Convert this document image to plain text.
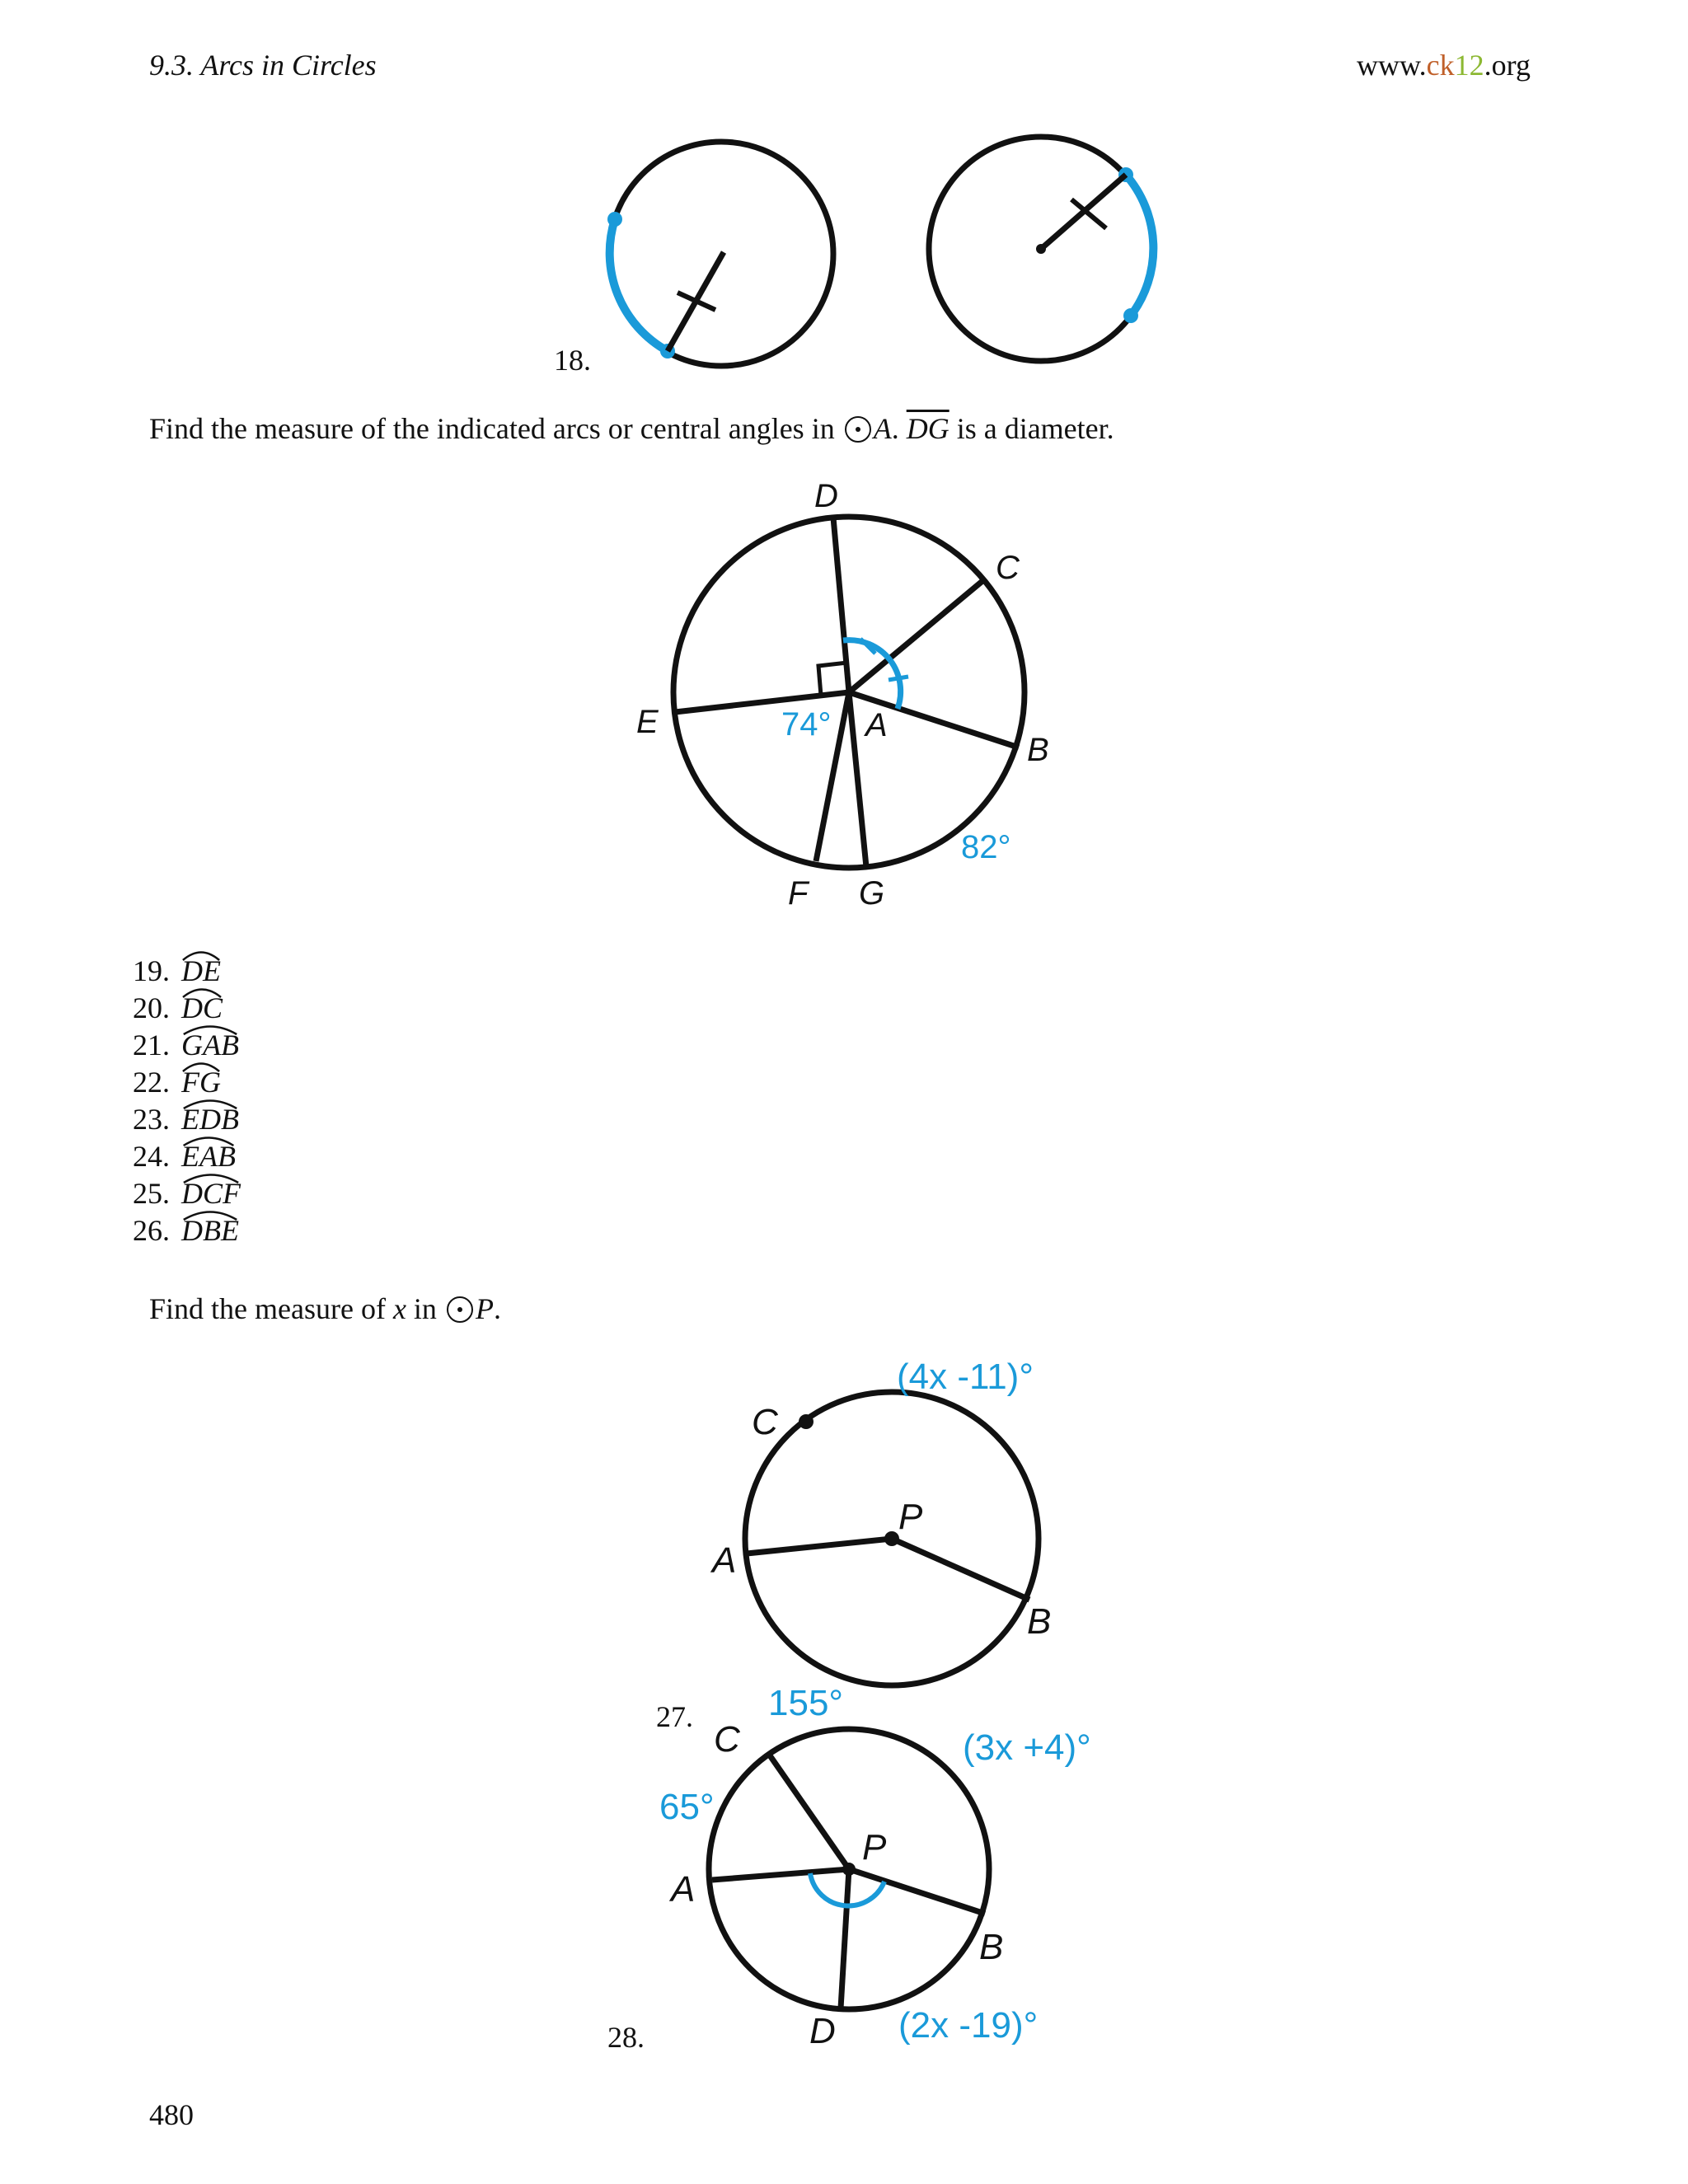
9.3. Arcs in Circles	www.ck12.org
18.
Find the measure of the indicated arcs or central angles in A. $\overline{DG}$ is a diameter.
D
C
E	A
B
F G
74°
82°
19. DE
20. DC
21. GAB
22. FG
23. EDB
24. EAB
25. DCF
26. DBE
Find the measure of x in P.
P
C
A
B
(4x -11)°
27. 155°
P
C
A
B
D
65°
(3x +4)°
(2x -19)°
28.
480
